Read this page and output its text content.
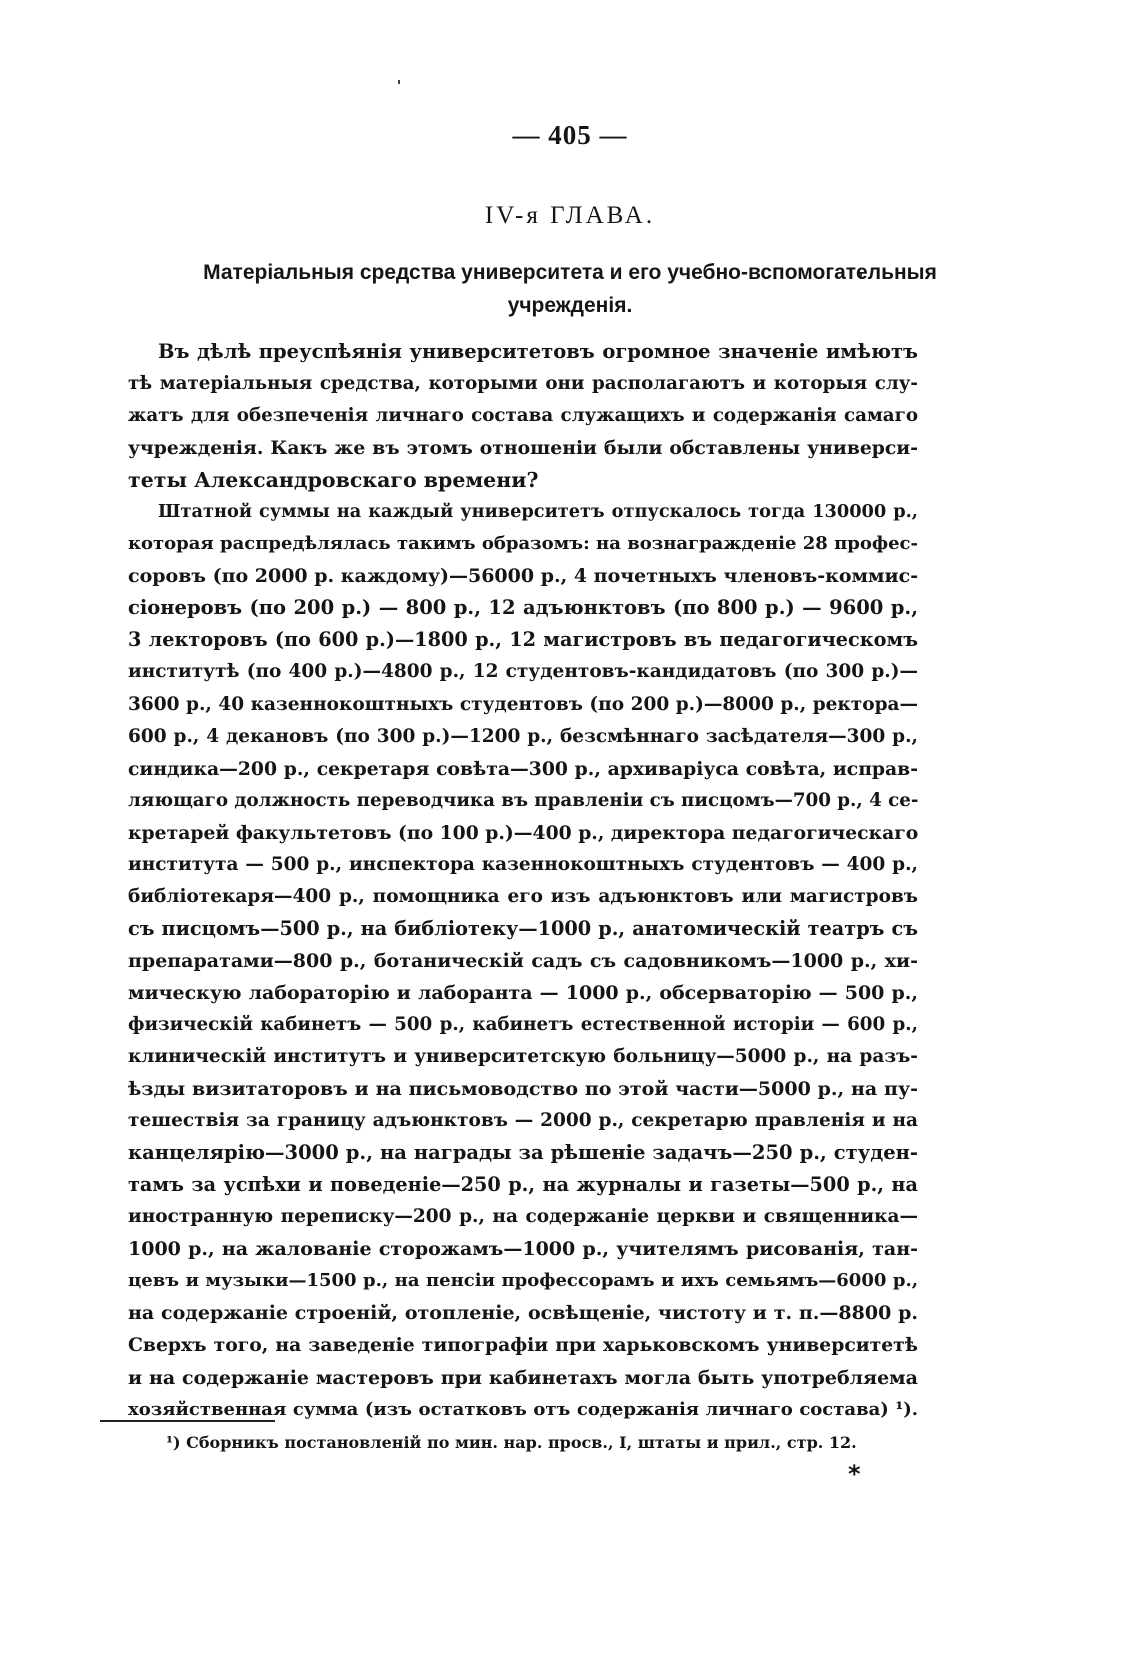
— 405 —
IV-я ГЛАВА.
Матеріальныя средства университета и его учебно-вспомогательныя
учрежденія.
Въ дѣлѣ преуспѣянія университетовъ огромное значеніе имѣютъ
тѣ матеріальныя средства, которыми они располагаютъ и которыя слу-
жатъ для обезпеченія личнаго состава служащихъ и содержанія самаго
учрежденія. Какъ же въ этомъ отношеніи были обставлены универси-
теты Александровскаго времени?
Штатной суммы на каждый университетъ отпускалось тогда 130000 р.,
которая распредѣлялась такимъ образомъ: на вознагражденіе 28 профес-
соровъ (по 2000 р. каждому)—56000 р., 4 почетныхъ членовъ-коммис-
сіонеровъ (по 200 р.) — 800 р., 12 адъюнктовъ (по 800 р.) — 9600 р.,
3 лекторовъ (по 600 р.)—1800 р., 12 магистровъ въ педагогическомъ
институтѣ (по 400 р.)—4800 р., 12 студентовъ-кандидатовъ (по 300 р.)—
3600 р., 40 казеннокоштныхъ студентовъ (по 200 р.)—8000 р., ректора—
600 р., 4 декановъ (по 300 р.)—1200 р., безсмѣннаго засѣдателя—300 р.,
синдика—200 р., секретаря совѣта—300 р., архиваріуса совѣта, исправ-
ляющаго должность переводчика въ правленіи съ писцомъ—700 р., 4 се-
кретарей факультетовъ (по 100 р.)—400 р., директора педагогическаго
института — 500 р., инспектора казеннокоштныхъ студентовъ — 400 р.,
библіотекаря—400 р., помощника его изъ адъюнктовъ или магистровъ
съ писцомъ—500 р., на библіотеку—1000 р., анатомическій театръ съ
препаратами—800 р., ботаническій садъ съ садовникомъ—1000 р., хи-
мическую лабораторію и лаборанта — 1000 р., обсерваторію — 500 р.,
физическій кабинетъ — 500 р., кабинетъ естественной исторіи — 600 р.,
клиническій институтъ и университетскую больницу—5000 р., на разъ-
ѣзды визитаторовъ и на письмоводство по этой части—5000 р., на пу-
тешествія за границу адъюнктовъ — 2000 р., секретарю правленія и на
канцелярію—3000 р., на награды за рѣшеніе задачъ—250 р., студен-
тамъ за успѣхи и поведеніе—250 р., на журналы и газеты—500 р., на
иностранную переписку—200 р., на содержаніе церкви и священника—
1000 р., на жалованіе сторожамъ—1000 р., учителямъ рисованія, тан-
цевъ и музыки—1500 р., на пенсіи профессорамъ и ихъ семьямъ—6000 р.,
на содержаніе строеній, отопленіе, освѣщеніе, чистоту и т. п.—8800 р.
Сверхъ того, на заведеніе типографіи при харьковскомъ университетѣ
и на содержаніе мастеровъ при кабинетахъ могла быть употребляема
хозяйственная сумма (изъ остатковъ отъ содержанія личнаго состава) ¹).
¹) Сборникъ постановленій по мин. нар. просв., I, штаты и прил., стр. 12.
*
